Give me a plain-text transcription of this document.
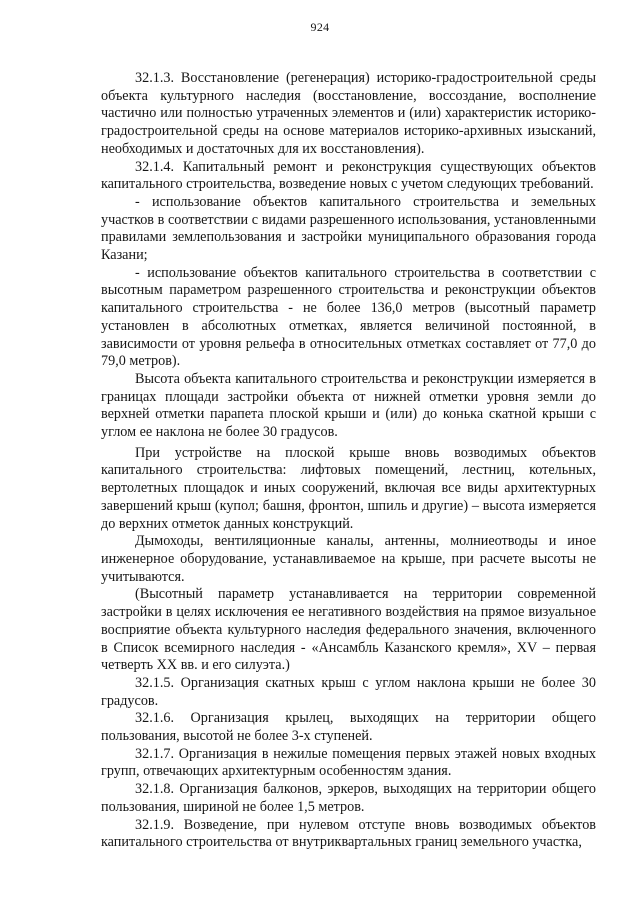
924

32.1.3. Восстановление (регенерация) историко-градостроительной среды объекта культурного наследия (восстановление, воссоздание, восполнение частично или полностью утраченных элементов и (или) характеристик историко-градостроительной среды на основе материалов историко-архивных изысканий, необходимых и достаточных для их восстановления).

32.1.4. Капитальный ремонт и реконструкция существующих объектов капитального строительства, возведение новых с учетом следующих требований.

- использование объектов капитального строительства и земельных участков в соответствии с видами разрешенного использования, установленными правилами землепользования и застройки муниципального образования города Казани;

- использование объектов капитального строительства в соответствии с высотным параметром разрешенного строительства и реконструкции объектов капитального строительства - не более 136,0 метров (высотный параметр установлен в абсолютных отметках, является величиной постоянной, в зависимости от уровня рельефа в относительных отметках составляет от 77,0 до 79,0 метров).

Высота объекта капитального строительства и реконструкции измеряется в границах площади застройки объекта от нижней отметки уровня земли до верхней отметки парапета плоской крыши и (или) до конька скатной крыши с углом ее наклона не более 30 градусов.

При устройстве на плоской крыше вновь возводимых объектов капитального строительства: лифтовых помещений, лестниц, котельных, вертолетных площадок и иных сооружений, включая все виды архитектурных завершений крыш (купол; башня, фронтон, шпиль и другие) – высота измеряется до верхних отметок данных конструкций.

Дымоходы, вентиляционные каналы, антенны, молниеотводы и иное инженерное оборудование, устанавливаемое на крыше, при расчете высоты не учитываются.

(Высотный параметр устанавливается на территории современной застройки в целях исключения ее негативного воздействия на прямое визуальное восприятие объекта культурного наследия федерального значения, включенного в Список всемирного наследия - «Ансамбль Казанского кремля», XV – первая четверть XX вв. и его силуэта.)

32.1.5. Организация скатных крыш с углом наклона крыши не более 30 градусов.

32.1.6. Организация крылец, выходящих на территории общего пользования, высотой не более 3-х ступеней.

32.1.7. Организация в нежилые помещения первых этажей новых входных групп, отвечающих архитектурным особенностям здания.

32.1.8. Организация балконов, эркеров, выходящих на территории общего пользования, шириной не более 1,5 метров.

32.1.9. Возведение, при нулевом отступе вновь возводимых объектов капитального строительства от внутриквартальных границ земельного участка,
